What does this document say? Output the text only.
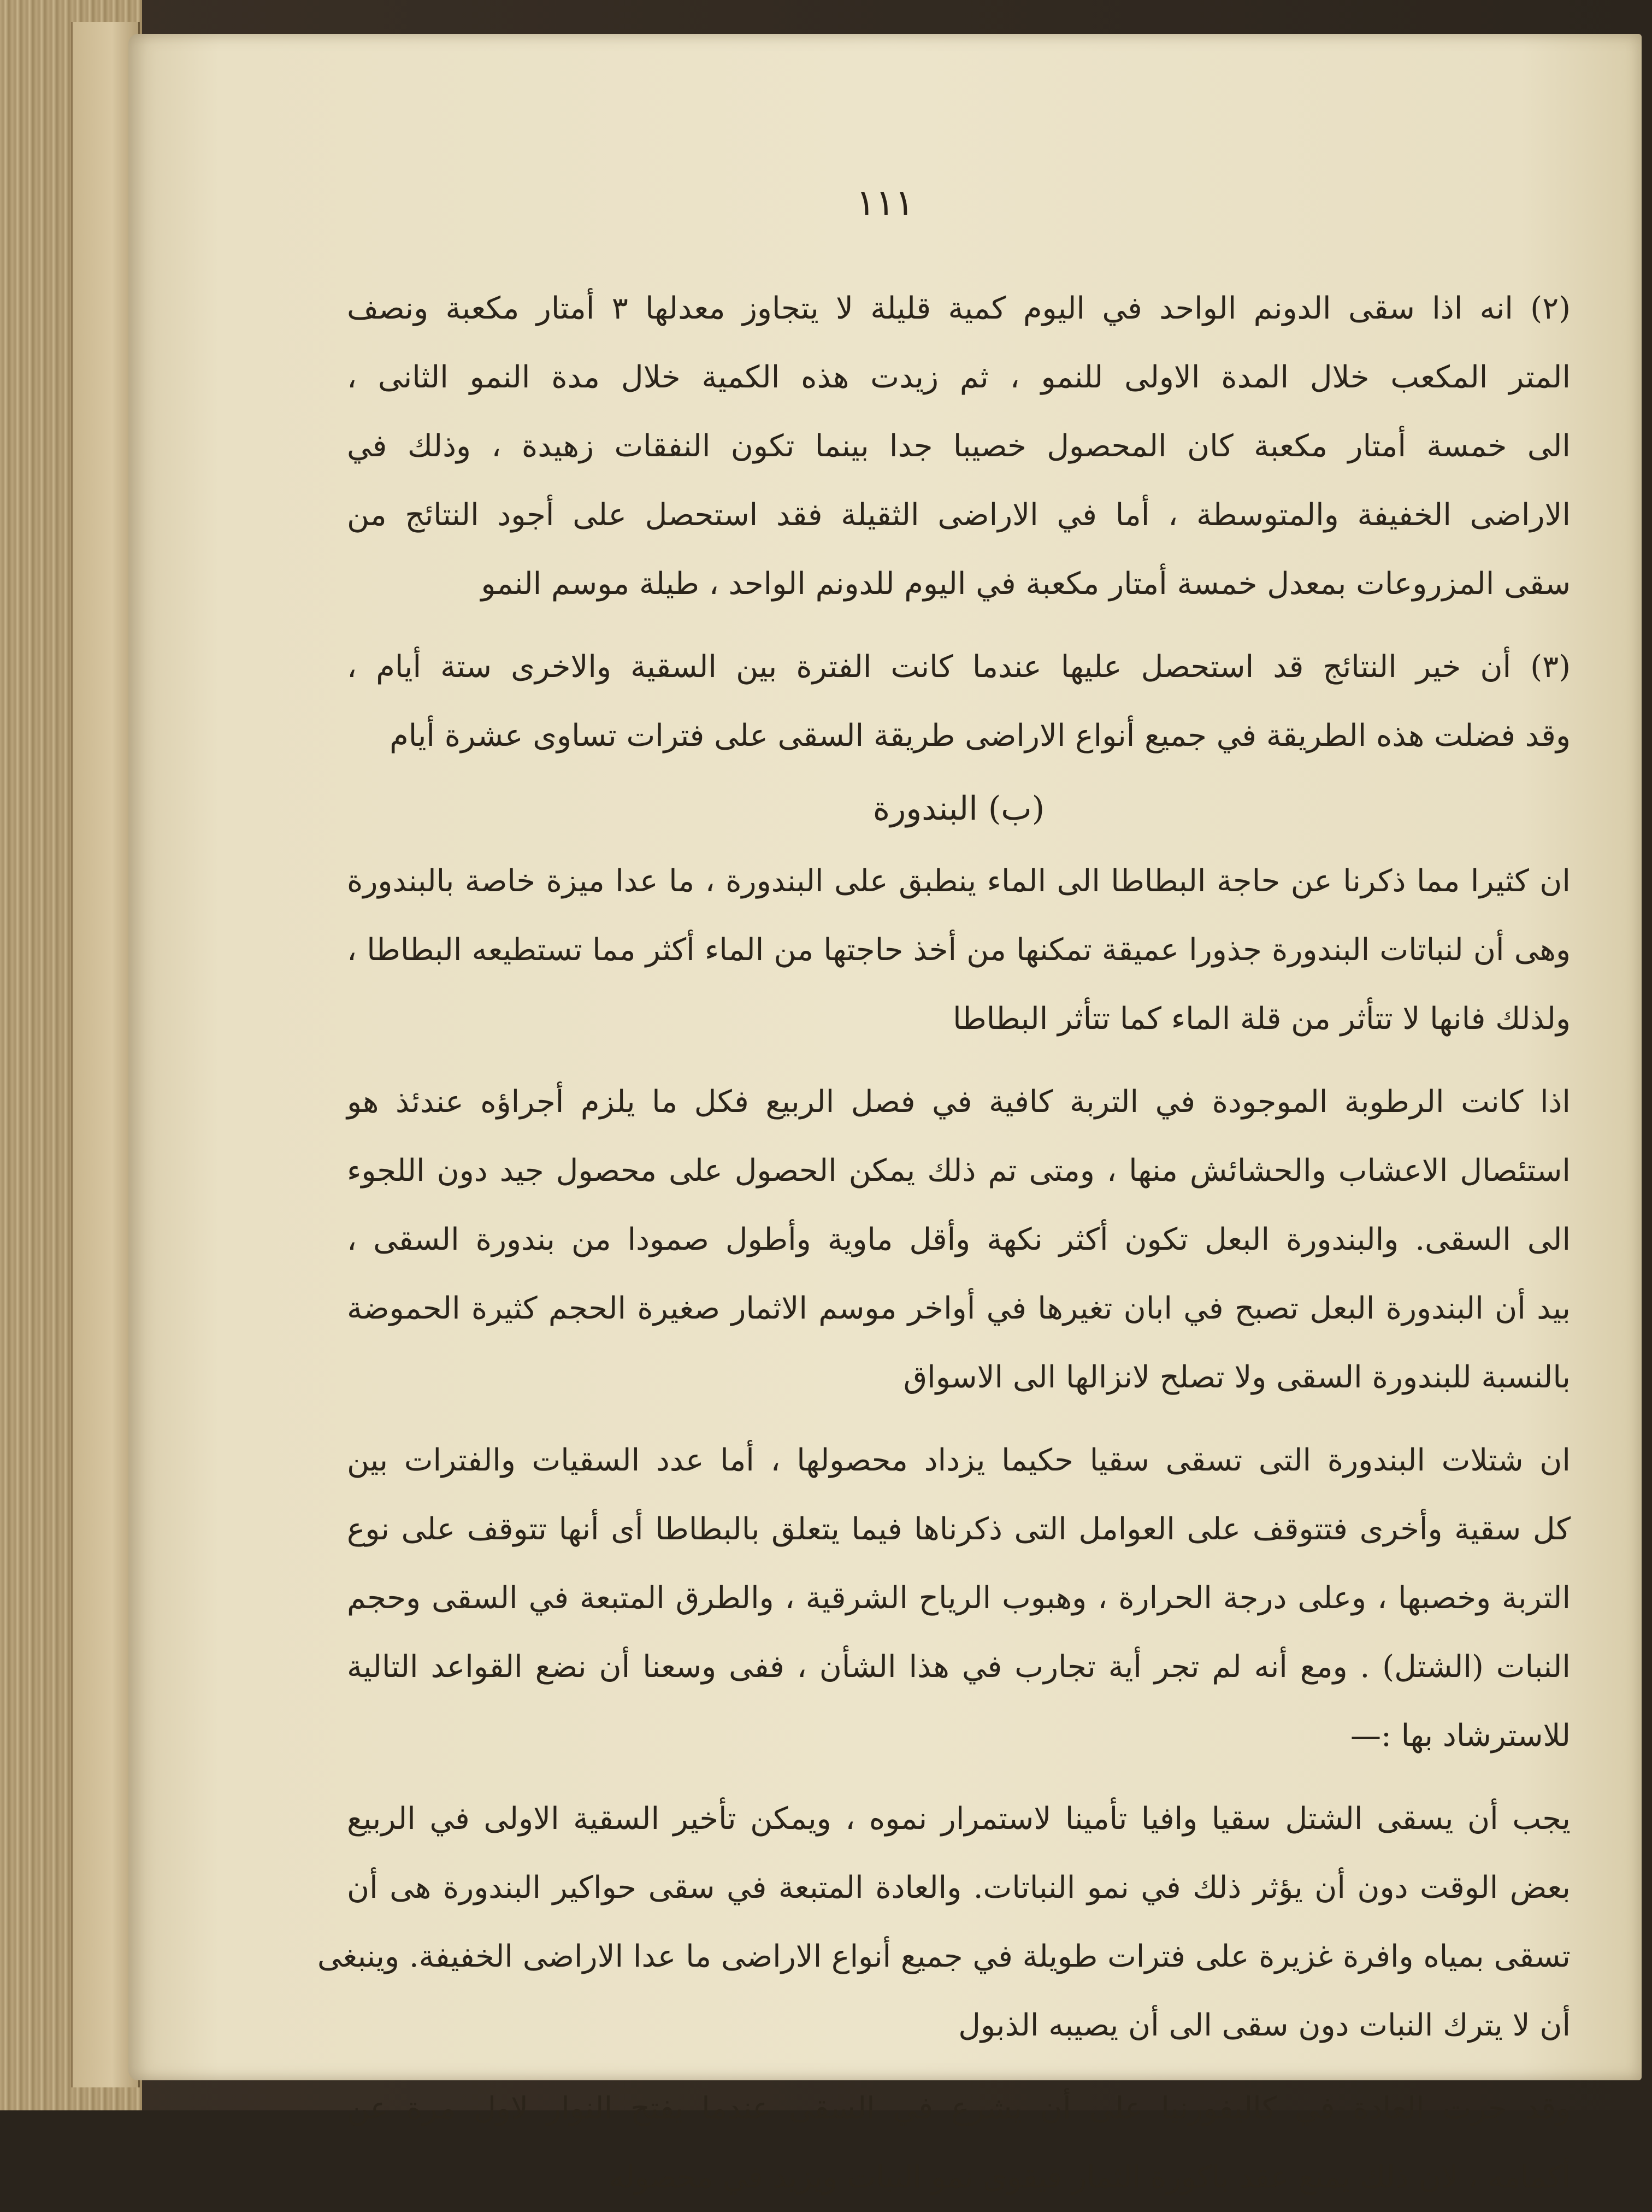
١١١
(٢) انه اذا سقى الدونم الواحد في اليوم كمية قليلة لا يتجاوز معدلها ٣ أمتار مكعبة ونصف
المتر المكعب خلال المدة الاولى للنمو ، ثم زيدت هذه الكمية خلال مدة النمو الثانى ،
الى خمسة أمتار مكعبة كان المحصول خصيبا جدا بينما تكون النفقات زهيدة ، وذلك في
الاراضى الخفيفة والمتوسطة ، أما في الاراضى الثقيلة فقد استحصل على أجود النتائج من
سقى المزروعات بمعدل خمسة أمتار مكعبة في اليوم للدونم الواحد ، طيلة موسم النمو
(٣) أن خير النتائج قد استحصل عليها عندما كانت الفترة بين السقية والاخرى ستة أيام ،
وقد فضلت هذه الطريقة في جميع أنواع الاراضى طريقة السقى على فترات تساوى عشرة أيام
(ب) البندورة
ان كثيرا مما ذكرنا عن حاجة البطاطا الى الماء ينطبق على البندورة ، ما عدا ميزة خاصة بالبندورة
وهى أن لنباتات البندورة جذورا عميقة تمكنها من أخذ حاجتها من الماء أكثر مما تستطيعه البطاطا ،
ولذلك فانها لا تتأثر من قلة الماء كما تتأثر البطاطا
اذا كانت الرطوبة الموجودة في التربة كافية في فصل الربيع فكل ما يلزم أجراؤه عندئذ هو
استئصال الاعشاب والحشائش منها ، ومتى تم ذلك يمكن الحصول على محصول جيد دون اللجوء
الى السقى. والبندورة البعل تكون أكثر نكهة وأقل ماوية وأطول صمودا من بندورة السقى ،
بيد أن البندورة البعل تصبح في ابان تغيرها في أواخر موسم الاثمار صغيرة الحجم كثيرة الحموضة
بالنسبة للبندورة السقى ولا تصلح لانزالها الى الاسواق
ان شتلات البندورة التى تسقى سقيا حكيما يزداد محصولها ، أما عدد السقيات والفترات بين
كل سقية وأخرى فتتوقف على العوامل التى ذكرناها فيما يتعلق بالبطاطا أى أنها تتوقف على نوع
التربة وخصبها ، وعلى درجة الحرارة ، وهبوب الرياح الشرقية ، والطرق المتبعة في السقى وحجم
النبات (الشتل) . ومع أنه لم تجر أية تجارب في هذا الشأن ، ففى وسعنا أن نضع القواعد التالية
للاسترشاد بها :—
يجب أن يسقى الشتل سقيا وافيا تأمينا لاستمرار نموه ، ويمكن تأخير السقية الاولى في الربيع
بعض الوقت دون أن يؤثر ذلك في نمو النباتات. والعادة المتبعة في سقى حواكير البندورة هى أن
تسقى بمياه وافرة غزيرة على فترات طويلة في جميع أنواع الاراضى ما عدا الاراضى الخفيفة. وينبغى
أن لا يترك النبات دون سقى الى أن يصيبه الذبول
وقد جرت العادة في كاليفورنيا على أن يشرع في السقى عندما يفتح النوار لاول مرة عن
أكمامه ، لان ذلك يمنع عقد باكورة الثمار فيقوى نمو النبات ويزيد في محصوله
